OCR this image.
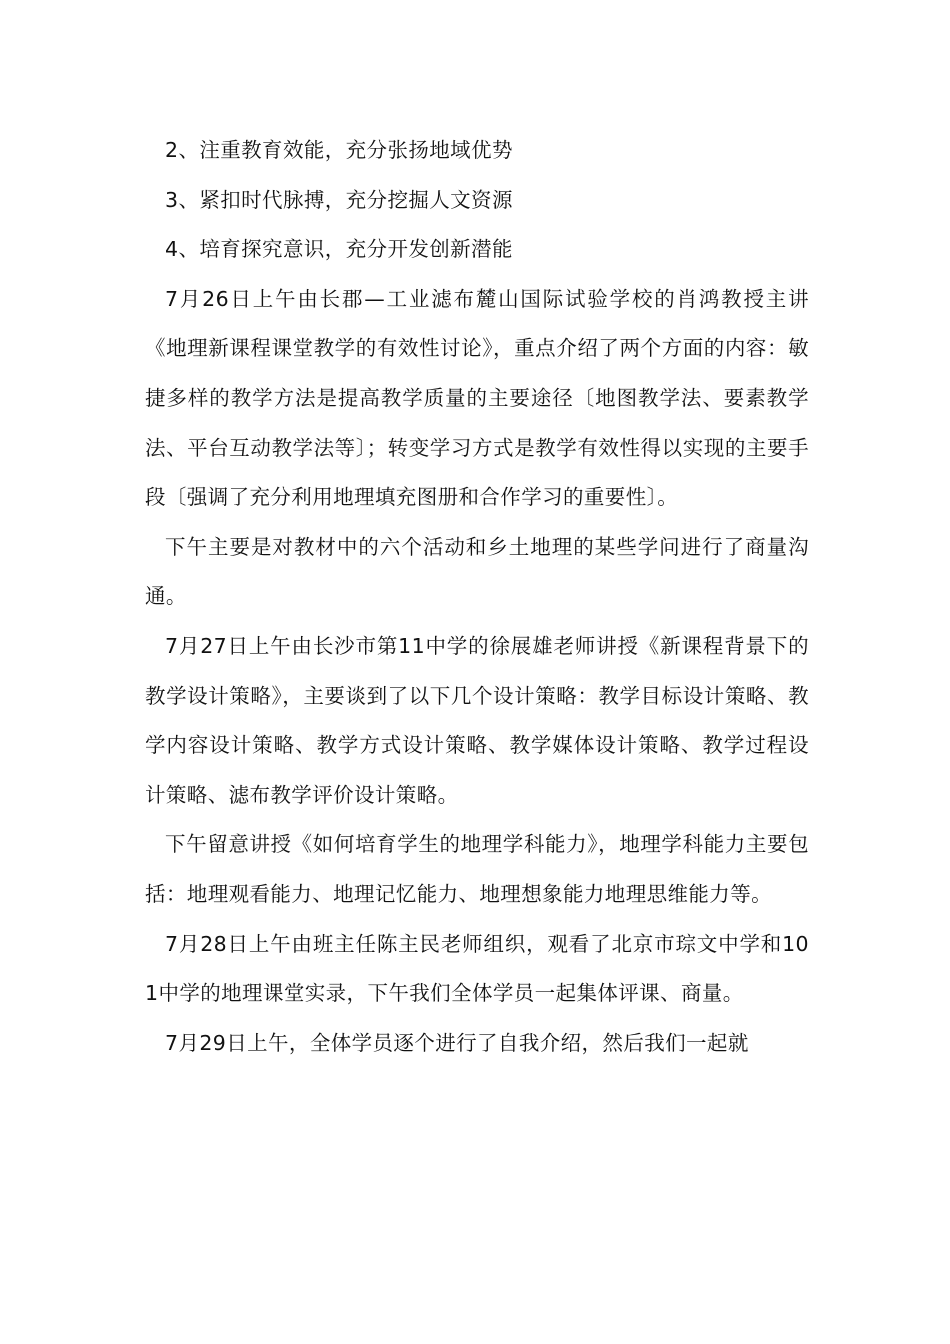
2、注重教育效能，充分张扬地域优势

3、紧扣时代脉搏，充分挖掘人文资源

4、培育探究意识，充分开发创新潜能

7月26日上午由长郡—工业滤布麓山国际试验学校的肖鸿教授主讲《地理新课程课堂教学的有效性讨论》，重点介绍了两个方面的内容：敏捷多样的教学方法是提高教学质量的主要途径〔地图教学法、要素教学法、平台互动教学法等〕；转变学习方式是教学有效性得以实现的主要手段〔强调了充分利用地理填充图册和合作学习的重要性〕。

下午主要是对教材中的六个活动和乡土地理的某些学问进行了商量沟通。

7月27日上午由长沙市第11中学的徐展雄老师讲授《新课程背景下的教学设计策略》，主要谈到了以下几个设计策略：教学目标设计策略、教学内容设计策略、教学方式设计策略、教学媒体设计策略、教学过程设计策略、滤布教学评价设计策略。

下午留意讲授《如何培育学生的地理学科能力》，地理学科能力主要包括：地理观看能力、地理记忆能力、地理想象能力地理思维能力等。

7月28日上午由班主任陈主民老师组织，观看了北京市琮文中学和101中学的地理课堂实录，下午我们全体学员一起集体评课、商量。

7月29日上午，全体学员逐个进行了自我介绍，然后我们一起就
